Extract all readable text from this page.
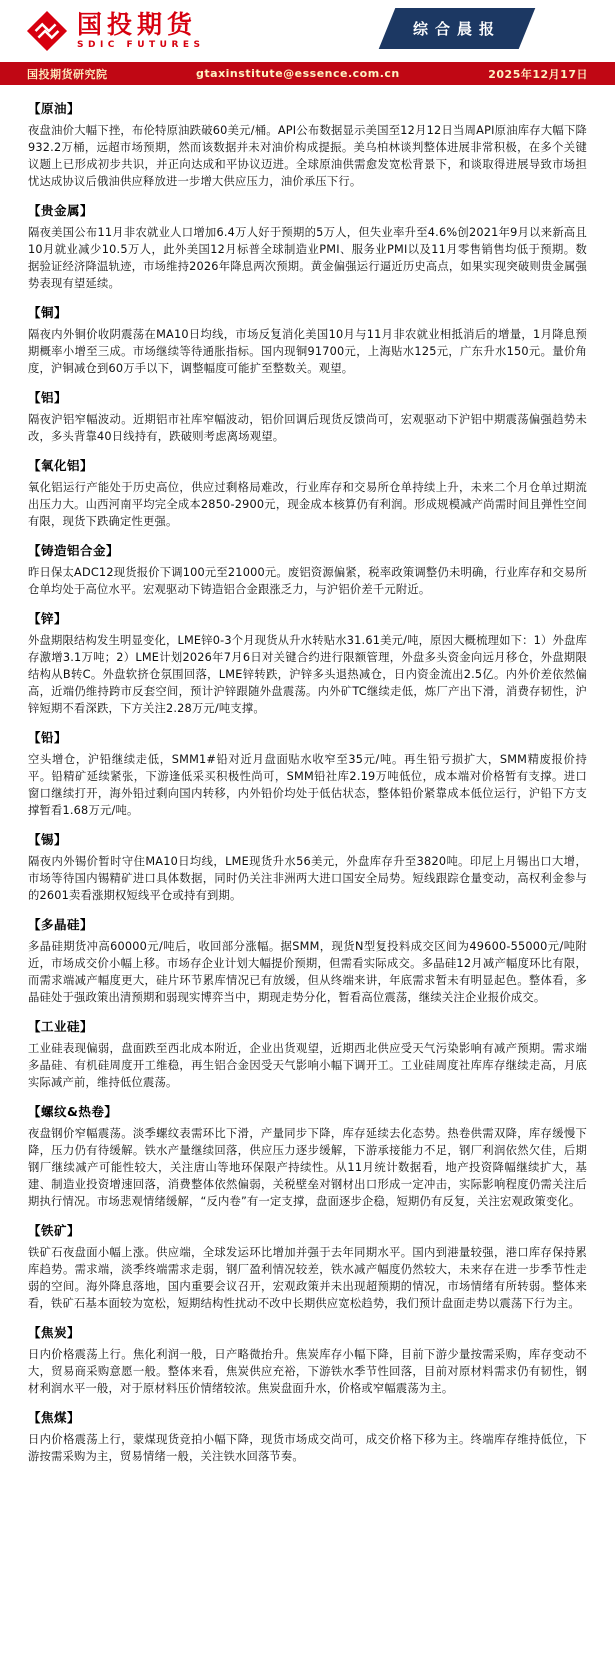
国投期货
SDIC FUTURES
综合晨报
国投期货研究院	gtaxinstitute@essence.com.cn	2025年12月17日
【原油】

夜盘油价大幅下挫，布伦特原油跌破60美元/桶。API公布数据显示美国至12月12日当周API原油库存大幅下降932.2万桶，远超市场预期，然而该数据并未对油价构成提振。美乌柏林谈判整体进展非常积极，在多个关键议题上已形成初步共识，并正向达成和平协议迈进。全球原油供需愈发宽松背景下，和谈取得进展导致市场担忧达成协议后俄油供应释放进一步增大供应压力，油价承压下行。

【贵金属】

隔夜美国公布11月非农就业人口增加6.4万人好于预期的5万人，但失业率升至4.6%创2021年9月以来新高且10月就业减少10.5万人，此外美国12月标普全球制造业PMI、服务业PMI以及11月零售销售均低于预期。数据验证经济降温轨迹，市场维持2026年降息两次预期。黄金偏强运行逼近历史高点，如果实现突破则贵金属强势表现有望延续。

【铜】

隔夜内外铜价收阴震荡在MA10日均线，市场反复消化美国10月与11月非农就业相抵消后的增量，1月降息预期概率小增至三成。市场继续等待通胀指标。国内现铜91700元，上海贴水125元，广东升水150元。量价角度，沪铜减仓到60万手以下，调整幅度可能扩至整数关。观望。

【铝】

隔夜沪铝窄幅波动。近期铝市社库窄幅波动，铝价回调后现货反馈尚可，宏观驱动下沪铝中期震荡偏强趋势未改，多头背靠40日线持有，跌破则考虑离场观望。

【氧化铝】

氧化铝运行产能处于历史高位，供应过剩格局难改，行业库存和交易所仓单持续上升，未来二个月仓单过期流出压力大。山西河南平均完全成本2850-2900元，现金成本核算仍有利润。形成规模减产尚需时间且弹性空间有限，现货下跌确定性更强。

【铸造铝合金】

昨日保太ADC12现货报价下调100元至21000元。废铝资源偏紧，税率政策调整仍未明确，行业库存和交易所仓单均处于高位水平。宏观驱动下铸造铝合金跟涨乏力，与沪铝价差千元附近。

【锌】

外盘期限结构发生明显变化，LME锌0-3个月现货从升水转贴水31.61美元/吨，原因大概梳理如下：1）外盘库存激增3.1万吨；2）LME计划2026年7月6日对关键合约进行限额管理，外盘多头资金向远月移仓，外盘期限结构从B转C。外盘软挤仓氛围回落，LME锌转跌，沪锌多头退热减仓，日内资金流出2.5亿。内外价差依然偏高，近端仍维持跨市反套空间，预计沪锌跟随外盘震荡。内外矿TC继续走低，炼厂产出下滑，消费存韧性，沪锌短期不看深跌，下方关注2.28万元/吨支撑。

【铅】

空头增仓，沪铅继续走低，SMM1#铅对近月盘面贴水收窄至35元/吨。再生铅亏损扩大，SMM精废报价持平。铅精矿延续紧张，下游逢低采买积极性尚可，SMM铅社库2.19万吨低位，成本端对价格暂有支撑。进口窗口继续打开，海外铅过剩向国内转移，内外铅价均处于低估状态，整体铅价紧靠成本低位运行，沪铅下方支撑暂看1.68万元/吨。

【锡】

隔夜内外锡价暂时守住MA10日均线，LME现货升水56美元，外盘库存升至3820吨。印尼上月锡出口大增，市场等待国内锡精矿进口具体数据，同时仍关注非洲两大进口国安全局势。短线跟踪仓量变动，高权利金参与的2601卖看涨期权短线平仓或持有到期。

【多晶硅】

多晶硅期货冲高60000元/吨后，收回部分涨幅。据SMM，现货N型复投料成交区间为49600-55000元/吨附近，市场成交价小幅上移。市场存企业计划大幅提价预期，但需看实际成交。多晶硅12月减产幅度环比有限，而需求端减产幅度更大，硅片环节累库情况已有放缓，但从终端来讲，年底需求暂未有明显起色。整体看，多晶硅处于强政策出清预期和弱现实博弈当中，期现走势分化，暂看高位震荡，继续关注企业报价成交。

【工业硅】

工业硅表现偏弱，盘面跌至西北成本附近，企业出货观望，近期西北供应受天气污染影响有减产预期。需求端多晶硅、有机硅周度开工维稳，再生铝合金因受天气影响小幅下调开工。工业硅周度社库库存继续走高，月底实际减产前，维持低位震荡。

【螺纹&热卷】

夜盘钢价窄幅震荡。淡季螺纹表需环比下滑，产量同步下降，库存延续去化态势。热卷供需双降，库存缓慢下降，压力仍有待缓解。铁水产量继续回落，供应压力逐步缓解，下游承接能力不足，钢厂利润依然欠佳，后期钢厂继续减产可能性较大，关注唐山等地环保限产持续性。从11月统计数据看，地产投资降幅继续扩大，基建、制造业投资增速回落，消费整体依然偏弱，关税壁垒对钢材出口形成一定冲击，实际影响程度仍需关注后期执行情况。市场悲观情绪缓解，“反内卷”有一定支撑，盘面逐步企稳，短期仍有反复，关注宏观政策变化。

【铁矿】

铁矿石夜盘面小幅上涨。供应端，全球发运环比增加并强于去年同期水平。国内到港量较强，港口库存保持累库趋势。需求端，淡季终端需求走弱，钢厂盈利情况较差，铁水减产幅度仍然较大，未来存在进一步季节性走弱的空间。海外降息落地，国内重要会议召开，宏观政策并未出现超预期的情况，市场情绪有所转弱。整体来看，铁矿石基本面较为宽松，短期结构性扰动不改中长期供应宽松趋势，我们预计盘面走势以震荡下行为主。

【焦炭】

日内价格震荡上行。焦化利润一般，日产略微抬升。焦炭库存小幅下降，目前下游少量按需采购，库存变动不大，贸易商采购意愿一般。整体来看，焦炭供应充裕，下游铁水季节性回落，目前对原材料需求仍有韧性，钢材利润水平一般，对于原材料压价情绪较浓。焦炭盘面升水，价格或窄幅震荡为主。

【焦煤】

日内价格震荡上行，蒙煤现货竞拍小幅下降，现货市场成交尚可，成交价格下移为主。终端库存维持低位，下游按需采购为主，贸易情绪一般，关注铁水回落节奏。
